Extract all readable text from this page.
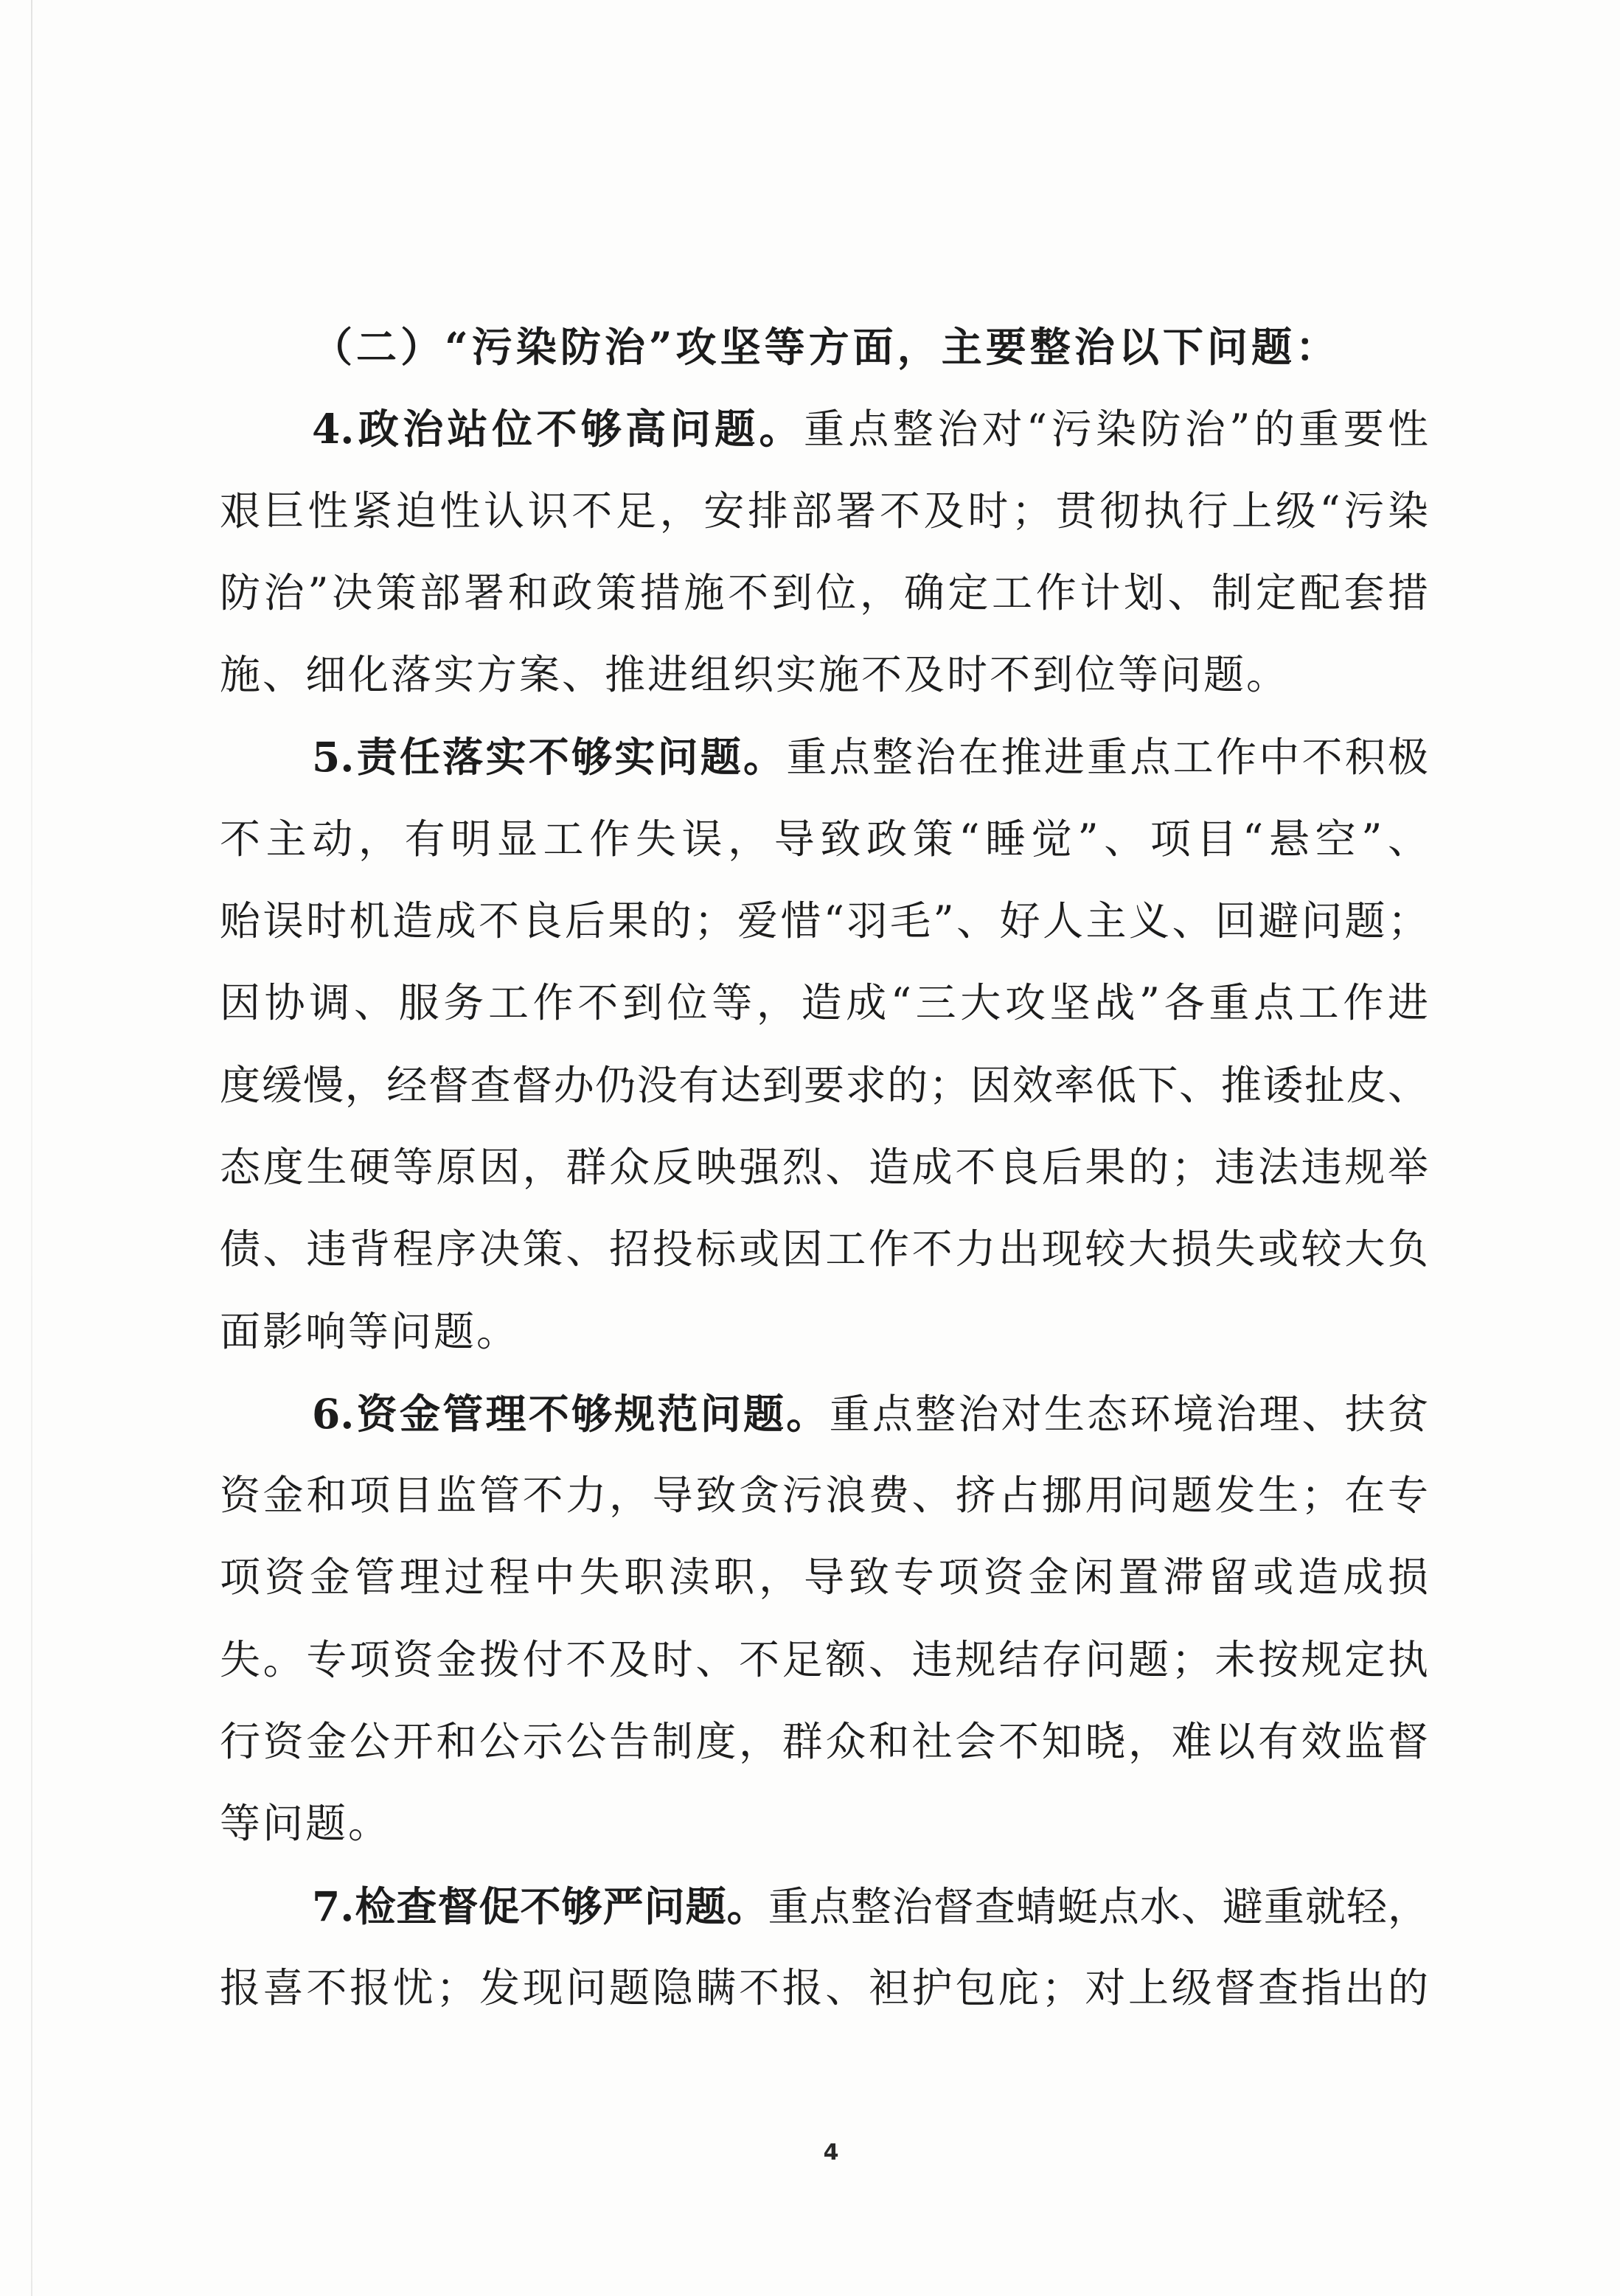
（二）“污染防治”攻坚等方面，主要整治以下问题：
4.政治站位不够高问题。重点整治对“污染防治”的重要性
艰巨性紧迫性认识不足，安排部署不及时；贯彻执行上级“污染
防治”决策部署和政策措施不到位，确定工作计划、制定配套措
施、细化落实方案、推进组织实施不及时不到位等问题。
5.责任落实不够实问题。重点整治在推进重点工作中不积极
不主动，有明显工作失误，导致政策“睡觉”、项目“悬空”、
贻误时机造成不良后果的；爱惜“羽毛”、好人主义、回避问题；
因协调、服务工作不到位等，造成“三大攻坚战”各重点工作进
度缓慢，经督查督办仍没有达到要求的；因效率低下、推诿扯皮、
态度生硬等原因，群众反映强烈、造成不良后果的；违法违规举
债、违背程序决策、招投标或因工作不力出现较大损失或较大负
面影响等问题。
6.资金管理不够规范问题。重点整治对生态环境治理、扶贫
资金和项目监管不力，导致贪污浪费、挤占挪用问题发生；在专
项资金管理过程中失职渎职，导致专项资金闲置滞留或造成损
失。专项资金拨付不及时、不足额、违规结存问题；未按规定执
行资金公开和公示公告制度，群众和社会不知晓，难以有效监督
等问题。
7.检查督促不够严问题。重点整治督查蜻蜓点水、避重就轻，
报喜不报忧；发现问题隐瞒不报、袒护包庇；对上级督查指出的
4
